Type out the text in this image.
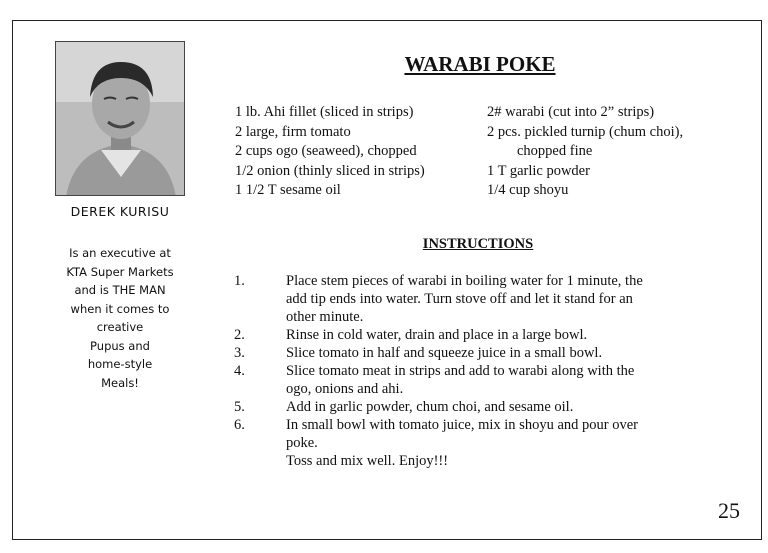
DEREK KURISU
Is an executive at
KTA Super Markets
and is THE MAN
when it comes to
creative
Pupus and
home-style
Meals!
WARABI POKE
1 lb. Ahi fillet (sliced in strips)
2 large, firm tomato
2 cups ogo (seaweed), chopped
1/2 onion (thinly sliced in strips)
1 1/2 T sesame oil
2# warabi (cut into 2” strips)
2 pcs. pickled turnip (chum choi),
chopped fine
1 T garlic powder
1/4 cup shoyu
INSTRUCTIONS
1.	Place stem pieces of warabi in boiling water for 1 minute, the
add tip ends into water. Turn stove off and let it stand for an
other minute.
2.	Rinse in cold water, drain and place in a large bowl.
3.	Slice tomato in half and squeeze juice in a small bowl.
4.	Slice tomato meat in strips and add to warabi along with the
ogo, onions and ahi.
5.	Add in garlic powder, chum choi, and sesame oil.
6.	In small bowl with tomato juice, mix in shoyu and pour over
poke.
Toss and mix well. Enjoy!!!
25
